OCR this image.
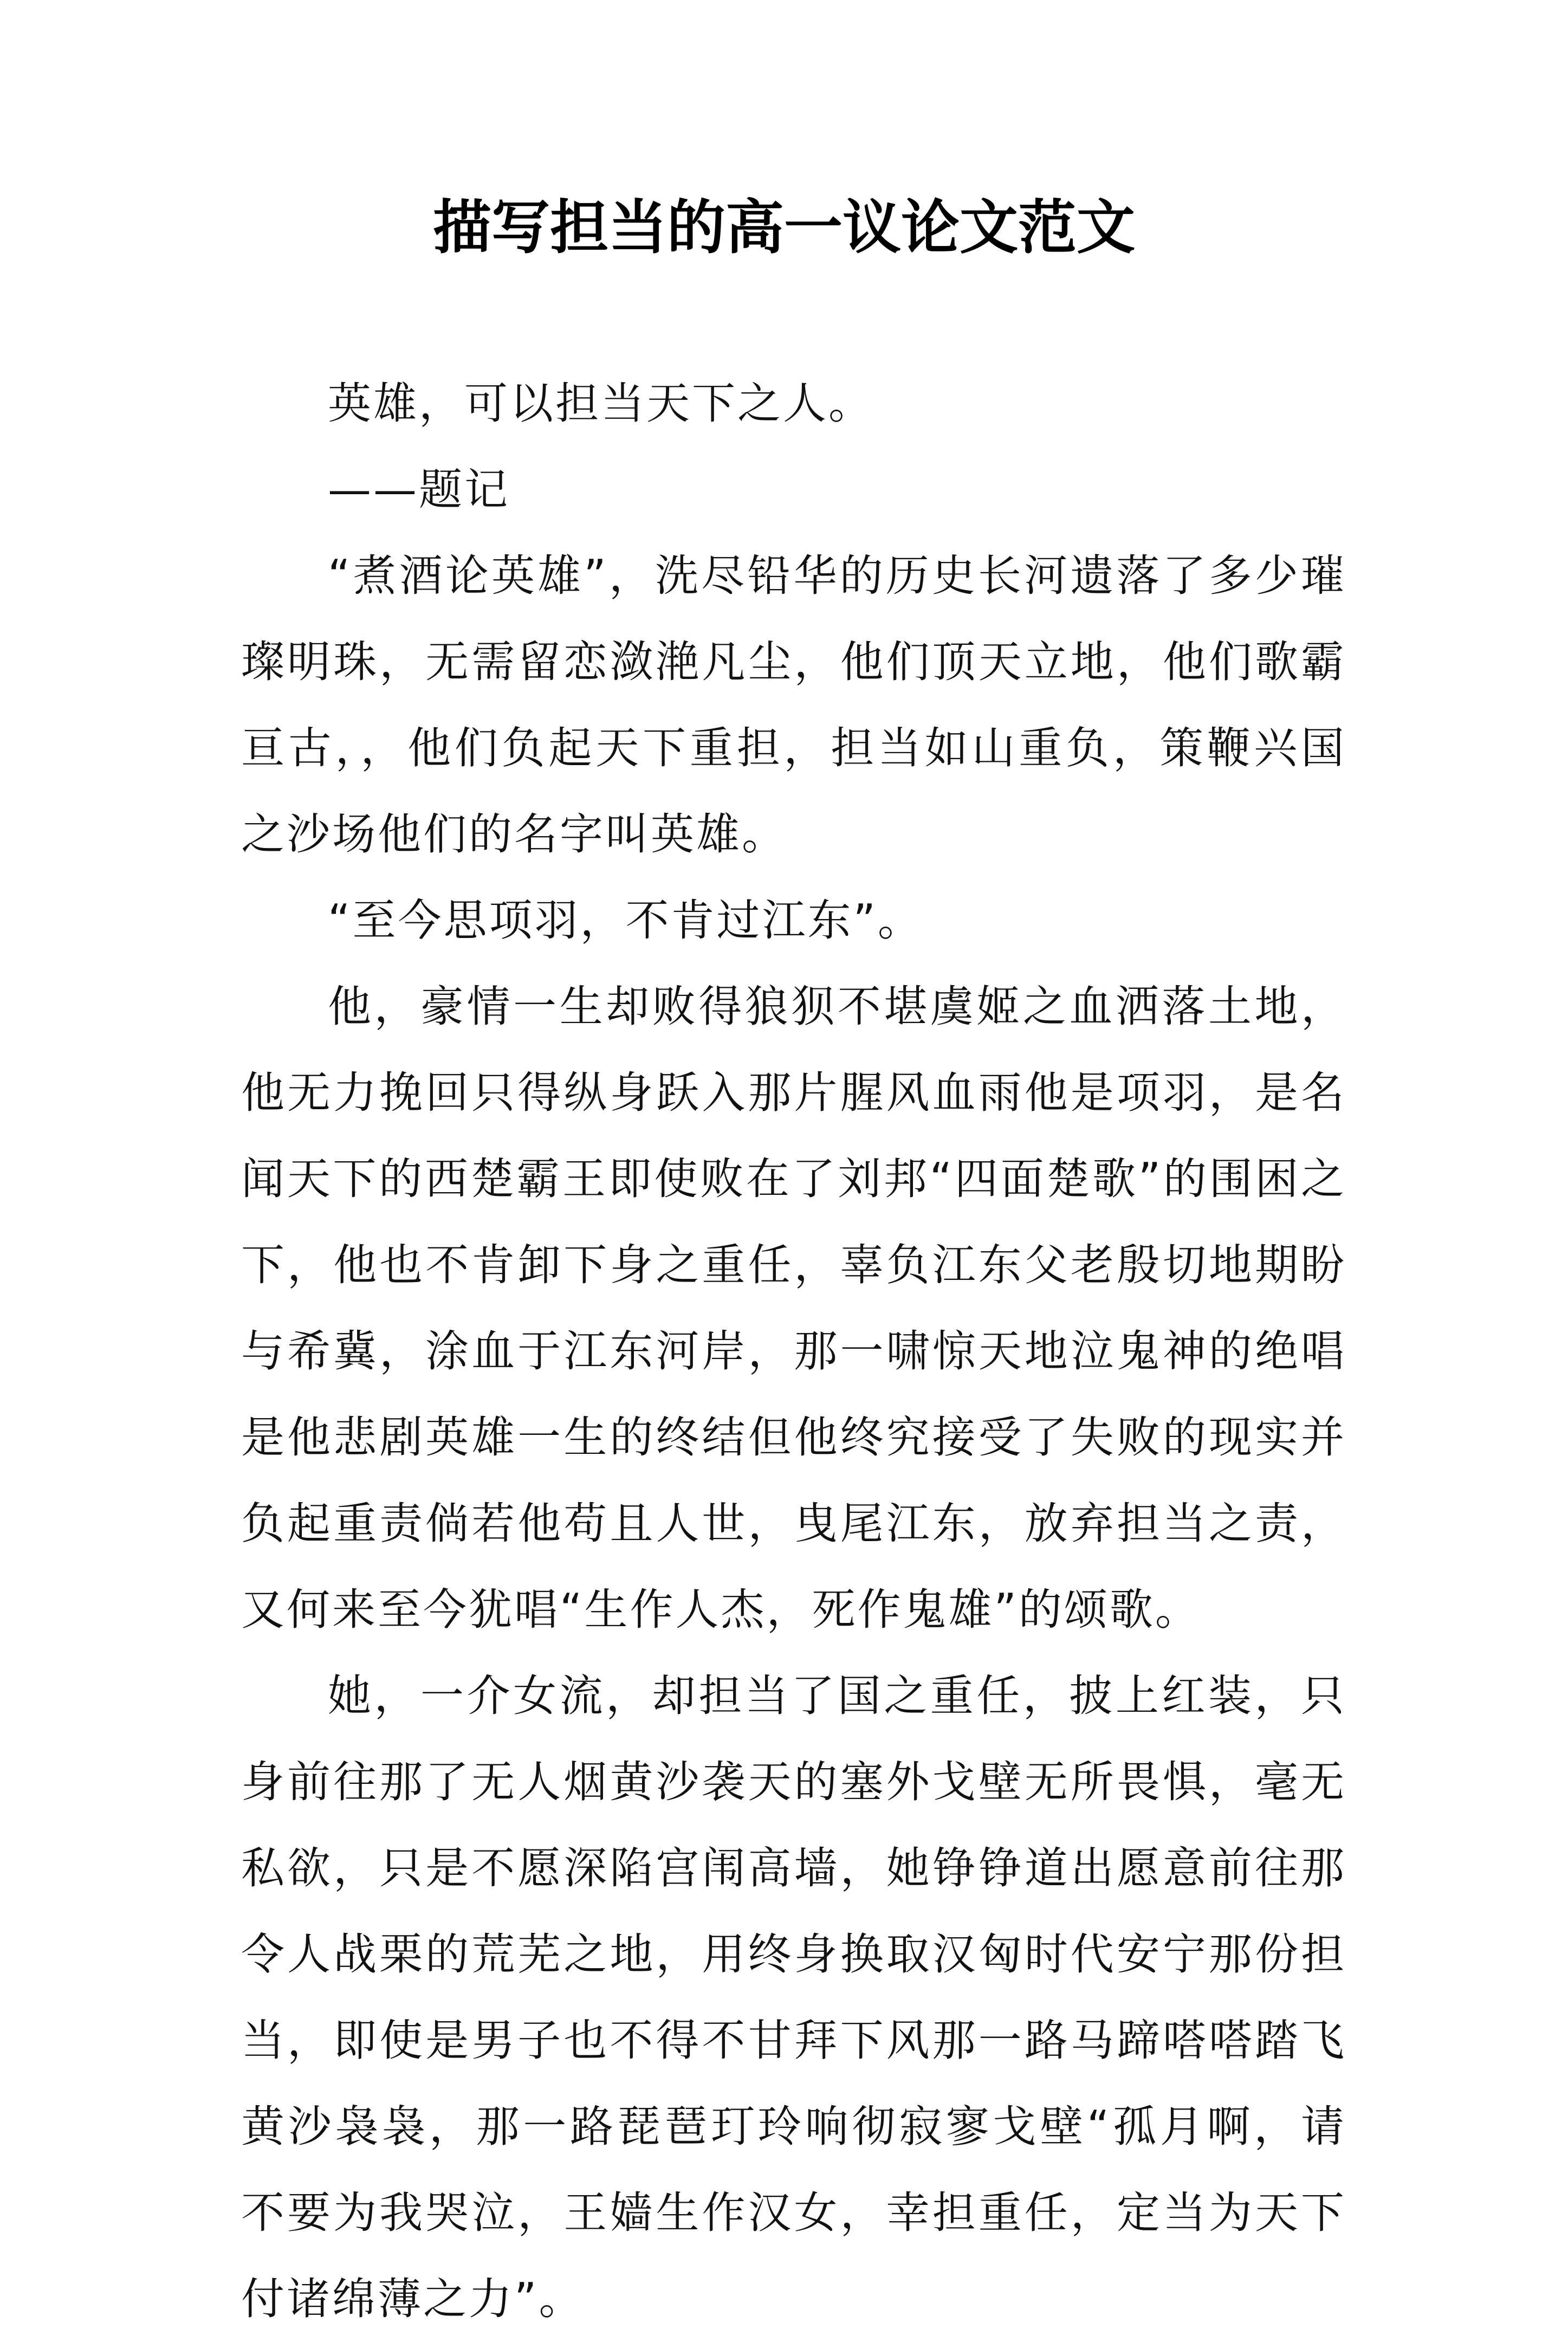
描写担当的高一议论文范文

英雄，可以担当天下之人。

——题记

“煮酒论英雄”，洗尽铅华的历史长河遗落了多少璀璨明珠，无需留恋潋滟凡尘，他们顶天立地，他们歌霸亘古，，他们负起天下重担，担当如山重负，策鞭兴国之沙场他们的名字叫英雄。

“至今思项羽，不肯过江东”。

他，豪情一生却败得狼狈不堪虞姬之血洒落土地，他无力挽回只得纵身跃入那片腥风血雨他是项羽，是名闻天下的西楚霸王即使败在了刘邦“四面楚歌”的围困之下，他也不肯卸下身之重任，辜负江东父老殷切地期盼与希冀，涂血于江东河岸，那一啸惊天地泣鬼神的绝唱是他悲剧英雄一生的终结但他终究接受了失败的现实并负起重责倘若他苟且人世，曳尾江东，放弃担当之责，又何来至今犹唱“生作人杰，死作鬼雄”的颂歌。

她，一介女流，却担当了国之重任，披上红装，只身前往那了无人烟黄沙袭天的塞外戈壁无所畏惧，毫无私欲，只是不愿深陷宫闱高墙，她铮铮道出愿意前往那令人战栗的荒芜之地，用终身换取汉匈时代安宁那份担当，即使是男子也不得不甘拜下风那一路马蹄嗒嗒踏飞黄沙袅袅，那一路琵琶玎玲响彻寂寥戈壁“孤月啊，请不要为我哭泣，王嫱生作汉女，幸担重任，定当为天下付诸绵薄之力”。
